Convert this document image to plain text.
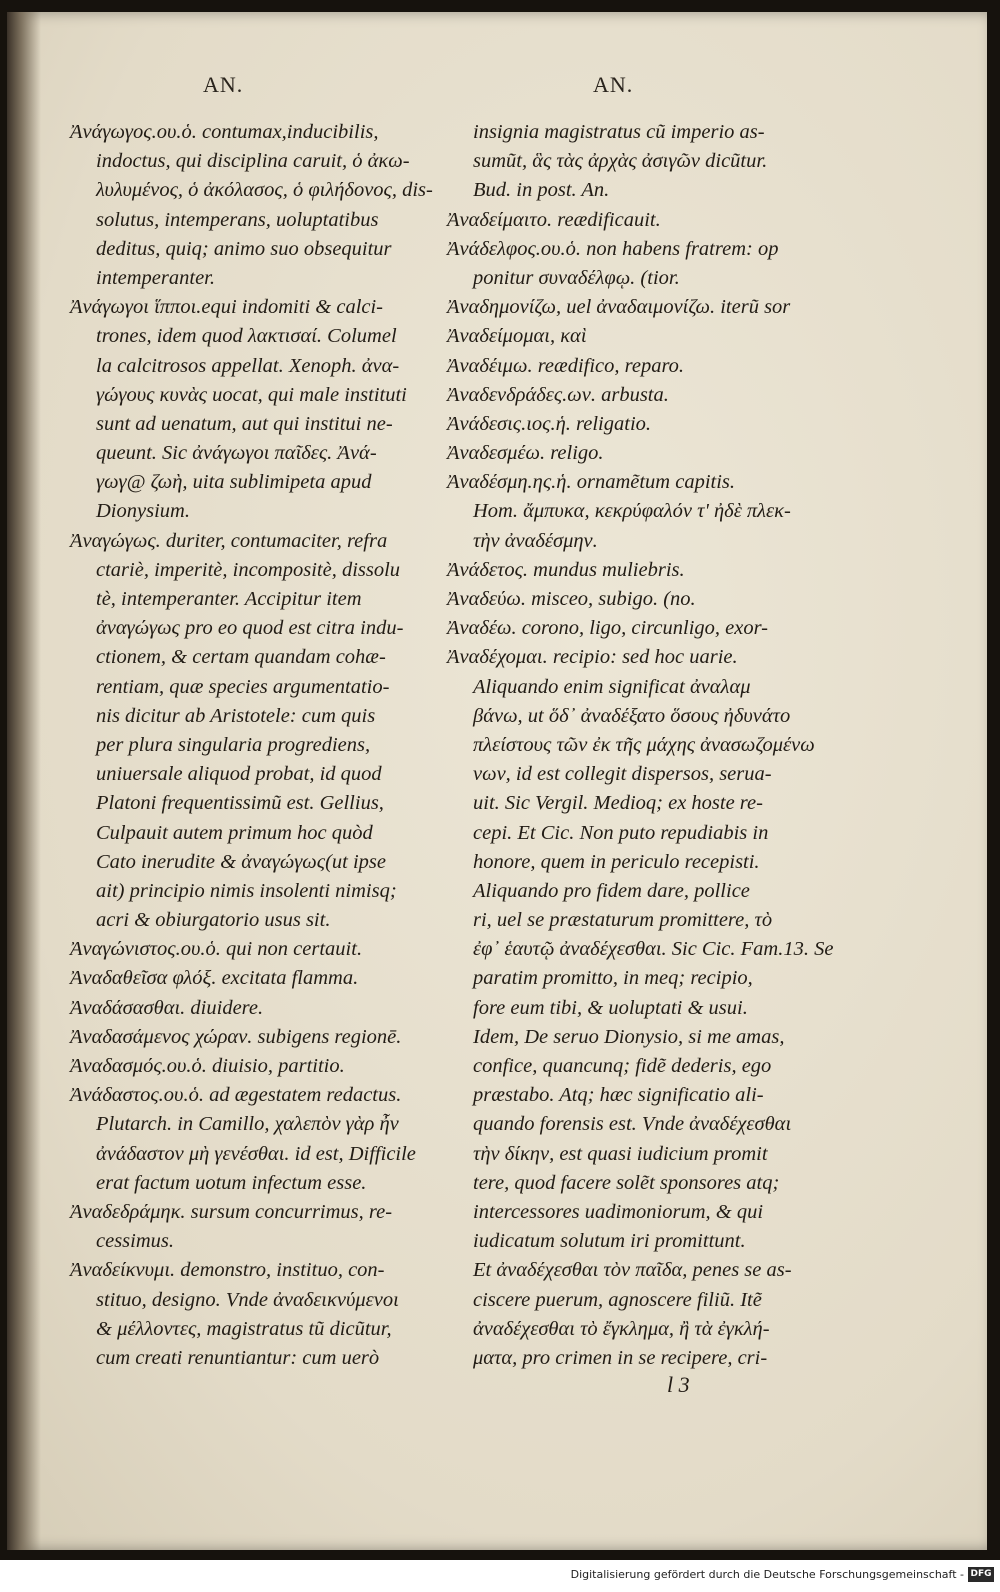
AN.	AN.
Ἀνάγωγος.ου.ὁ. contumax,inducibilis,
indoctus, qui disciplina caruit, ὁ ἀκω-
λυλυμένος, ὁ ἀκόλασος, ὁ φιλήδονος, dis-
solutus, intemperans, uoluptatibus
deditus, quiq; animo suo obsequitur
intemperanter.
Ἀνάγωγοι ἵπποι.equi indomiti & calci-
trones, idem quod λακτισαί. Columel
la calcitrosos appellat. Xenoph. ἀνα-
γώγους κυνὰς uocat, qui male instituti
sunt ad uenatum, aut qui institui ne-
queunt. Sic ἀνάγωγοι παῖδες. Ἀνά-
γωγ@ ζωὴ, uita sublimipeta apud
Dionysium.
Ἀναγώγως. duriter, contumaciter, refra
ctariè, imperitè, incompositè, dissolu
tè, intemperanter. Accipitur item
ἀναγώγως pro eo quod est citra indu-
ctionem, & certam quandam cohæ-
rentiam, quæ species argumentatio-
nis dicitur ab Aristotele: cum quis
per plura singularia progrediens,
uniuersale aliquod probat, id quod
Platoni frequentissimũ est. Gellius,
Culpauit autem primum hoc quòd
Cato inerudite & ἀναγώγως(ut ipse
ait) principio nimis insolenti nimisq;
acri & obiurgatorio usus sit.
Ἀναγώνιστος.ου.ὁ. qui non certauit.
Ἀναδαθεῖσα φλόξ. excitata flamma.
Ἀναδάσασθαι. diuidere.
Ἀναδασάμενος χώραν. subigens regionē.
Ἀναδασμός.ου.ὁ. diuisio, partitio.
Ἀνάδαστος.ου.ὁ. ad ægestatem redactus.
Plutarch. in Camillo, χαλεπὸν γὰρ ἦν
ἀνάδαστον μὴ γενέσθαι. id est, Difficile
erat factum uotum infectum esse.
Ἀναδεδράμηκ. sursum concurrimus, re-
cessimus.
Ἀναδείκνυμι. demonstro, instituo, con-
stituo, designo. Vnde ἀναδεικνύμενοι
& μέλλοντες, magistratus tũ dicũtur,
cum creati renuntiantur: cum uerò
insignia magistratus cũ imperio as-
sumũt, ἃς τὰς ἀρχὰς ἀσιγῶν dicũtur.
Bud. in post. An.
Ἀναδείμαιτο. reædificauit.
Ἀνάδελφος.ου.ὁ. non habens fratrem: op
ponitur συναδέλφῳ. (tior.
Ἀναδημονίζω, uel ἀναδαιμονίζω. iterũ sor
Ἀναδείμομαι, καὶ
Ἀναδέιμω. reædifico, reparo.
Ἀναδενδράδες.ων. arbusta.
Ἀνάδεσις.ιος.ἡ. religatio.
Ἀναδεσμέω. religo.
Ἀναδέσμη.ης.ἡ. ornamẽtum capitis.
Hom. ἄμπυκα, κεκρύφαλόν τ' ἠδὲ πλεκ-
τὴν ἀναδέσμην.
Ἀνάδετος. mundus muliebris.
Ἀναδεύω. misceo, subigo. (no.
Ἀναδέω. corono, ligo, circunligo, exor-
Ἀναδέχομαι. recipio: sed hoc uarie.
Aliquando enim significat ἀναλαμ
βάνω, ut ὅδ᾽ ἀναδέξατο ὅσους ἠδυνάτο
πλείστους τῶν ἐκ τῆς μάχης ἀνασωζομένω
νων, id est collegit dispersos, serua-
uit. Sic Vergil. Medioq; ex hoste re-
cepi. Et Cic. Non puto repudiabis in
honore, quem in periculo recepisti.
Aliquando pro fidem dare, pollice
ri, uel se præstaturum promittere, τὸ
ἐφ᾽ ἑαυτῷ ἀναδέχεσθαι. Sic Cic. Fam.13. Se
paratim promitto, in meq; recipio,
fore eum tibi, & uoluptati & usui.
Idem, De seruo Dionysio, si me amas,
confice, quancunq; fidẽ dederis, ego
præstabo. Atq; hæc significatio ali-
quando forensis est. Vnde ἀναδέχεσθαι
τὴν δίκην, est quasi iudicium promit
tere, quod facere solẽt sponsores atq;
intercessores uadimoniorum, & qui
iudicatum solutum iri promittunt.
Et ἀναδέχεσθαι τὸν παῖδα, penes se as-
ciscere puerum, agnoscere filiũ. Itẽ
ἀναδέχεσθαι τὸ ἔγκλημα, ἢ τὰ ἐγκλή-
ματα, pro crimen in se recipere, cri-
l 3
Digitalisierung gefördert durch die Deutsche Forschungsgemeinschaft - DFG
